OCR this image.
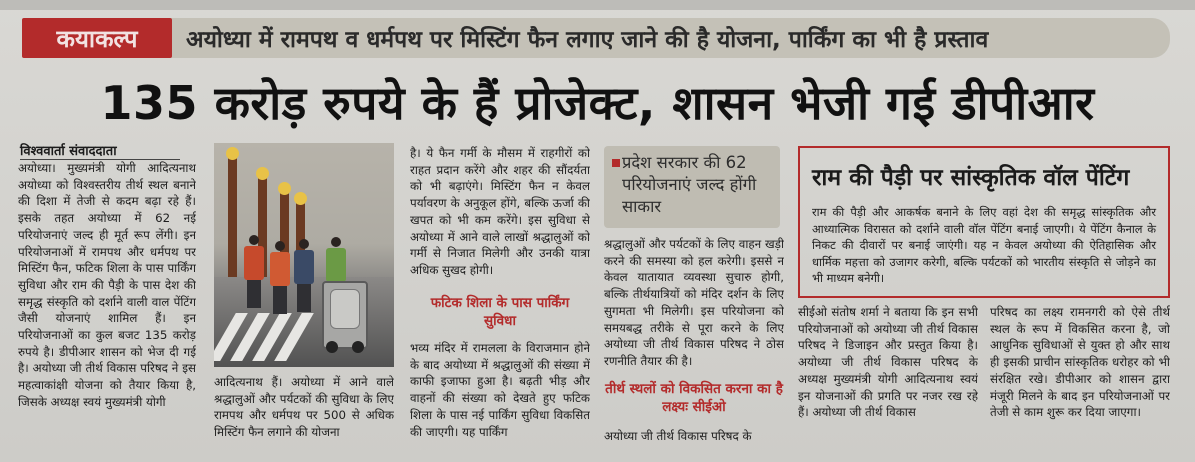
कयाकल्प	अयोध्या में रामपथ व धर्मपथ पर मिस्टिंग फैन लगाए जाने की है योजना, पार्किंग का भी है प्रस्ताव
135 करोड़ रुपये के हैं प्रोजेक्ट, शासन भेजी गई डीपीआर
विश्ववार्ता संवाददाता
अयोध्या। मुख्यमंत्री योगी आदित्यनाथ अयोध्या को विश्वस्तरीय तीर्थ स्थल बनाने की दिशा में तेजी से कदम बढ़ा रहे हैं। इसके तहत अयोध्या में 62 नई परियोजनाएं जल्द ही मूर्त रूप लेंगी। इन परियोजनाओं में रामपथ और धर्मपथ पर मिस्टिंग फैन, फटिक शिला के पास पार्किंग सुविधा और राम की पैड़ी के पास देश की समृद्ध संस्कृति को दर्शाने वाली वाल पेंटिंग जैसी योजनाएं शामिल हैं। इन परियोजनाओं का कुल बजट 135 करोड़ रुपये है। डीपीआर शासन को भेज दी गई है। अयोध्या जी तीर्थ विकास परिषद ने इस महत्वाकांक्षी योजना को तैयार किया है, जिसके अध्यक्ष स्वयं मुख्यमंत्री योगी
आदित्यनाथ हैं। अयोध्या में आने वाले श्रद्धालुओं और पर्यटकों की सुविधा के लिए रामपथ और धर्मपथ पर 500 से अधिक मिस्टिंग फैन लगाने की योजना
है। ये फैन गर्मी के मौसम में राहगीरों को राहत प्रदान करेंगे और शहर की सौंदर्यता को भी बढ़ाएंगे। मिस्टिंग फैन न केवल पर्यावरण के अनुकूल होंगे, बल्कि ऊर्जा की खपत को भी कम करेंगे। इस सुविधा से अयोध्या में आने वाले लाखों श्रद्धालुओं को गर्मी से निजात मिलेगी और उनकी यात्रा अधिक सुखद होगी।
फटिक शिला के पास पार्किंग सुविधा
भव्य मंदिर में रामलला के विराजमान होने के बाद अयोध्या में श्रद्धालुओं की संख्या में काफी इजाफा हुआ है। बढ़ती भीड़ और वाहनों की संख्या को देखते हुए फटिक शिला के पास नई पार्किंग सुविधा विकसित की जाएगी। यह पार्किंग
प्रदेश सरकार की 62 परियोजनाएं जल्द होंगी साकार
श्रद्धालुओं और पर्यटकों के लिए वाहन खड़ी करने की समस्या को हल करेगी। इससे न केवल यातायात व्यवस्था सुचारु होगी, बल्कि तीर्थयात्रियों को मंदिर दर्शन के लिए सुगमता भी मिलेगी। इस परियोजना को समयबद्ध तरीके से पूरा करने के लिए अयोध्या जी तीर्थ विकास परिषद ने ठोस रणनीति तैयार की है।
तीर्थ स्थलों को विकसित करना का है लक्ष्यः सीईओ
अयोध्या जी तीर्थ विकास परिषद के
राम की पैड़ी पर सांस्कृतिक वॉल पेंटिंग
राम की पैड़ी और आकर्षक बनाने के लिए वहां देश की समृद्ध सांस्कृतिक और आध्यात्मिक विरासत को दर्शाने वाली वॉल पेंटिंग बनाई जाएगी। ये पेंटिंग कैनाल के निकट की दीवारों पर बनाई जाएंगी। यह न केवल अयोध्या की ऐतिहासिक और धार्मिक महत्ता को उजागर करेगी, बल्कि पर्यटकों को भारतीय संस्कृति से जोड़ने का भी माध्यम बनेगी।
सीईओ संतोष शर्मा ने बताया कि इन सभी परियोजनाओं को अयोध्या जी तीर्थ विकास परिषद ने डिजाइन और प्रस्तुत किया है। अयोध्या जी तीर्थ विकास परिषद के अध्यक्ष मुख्यमंत्री योगी आदित्यनाथ स्वयं इन योजनाओं की प्रगति पर नजर रख रहे हैं। अयोध्या जी तीर्थ विकास
परिषद का लक्ष्य रामनगरी को ऐसे तीर्थ स्थल के रूप में विकसित करना है, जो आधुनिक सुविधाओं से युक्त हो और साथ ही इसकी प्राचीन सांस्कृतिक धरोहर को भी संरक्षित रखे। डीपीआर को शासन द्वारा मंजूरी मिलने के बाद इन परियोजनाओं पर तेजी से काम शुरू कर दिया जाएगा।
